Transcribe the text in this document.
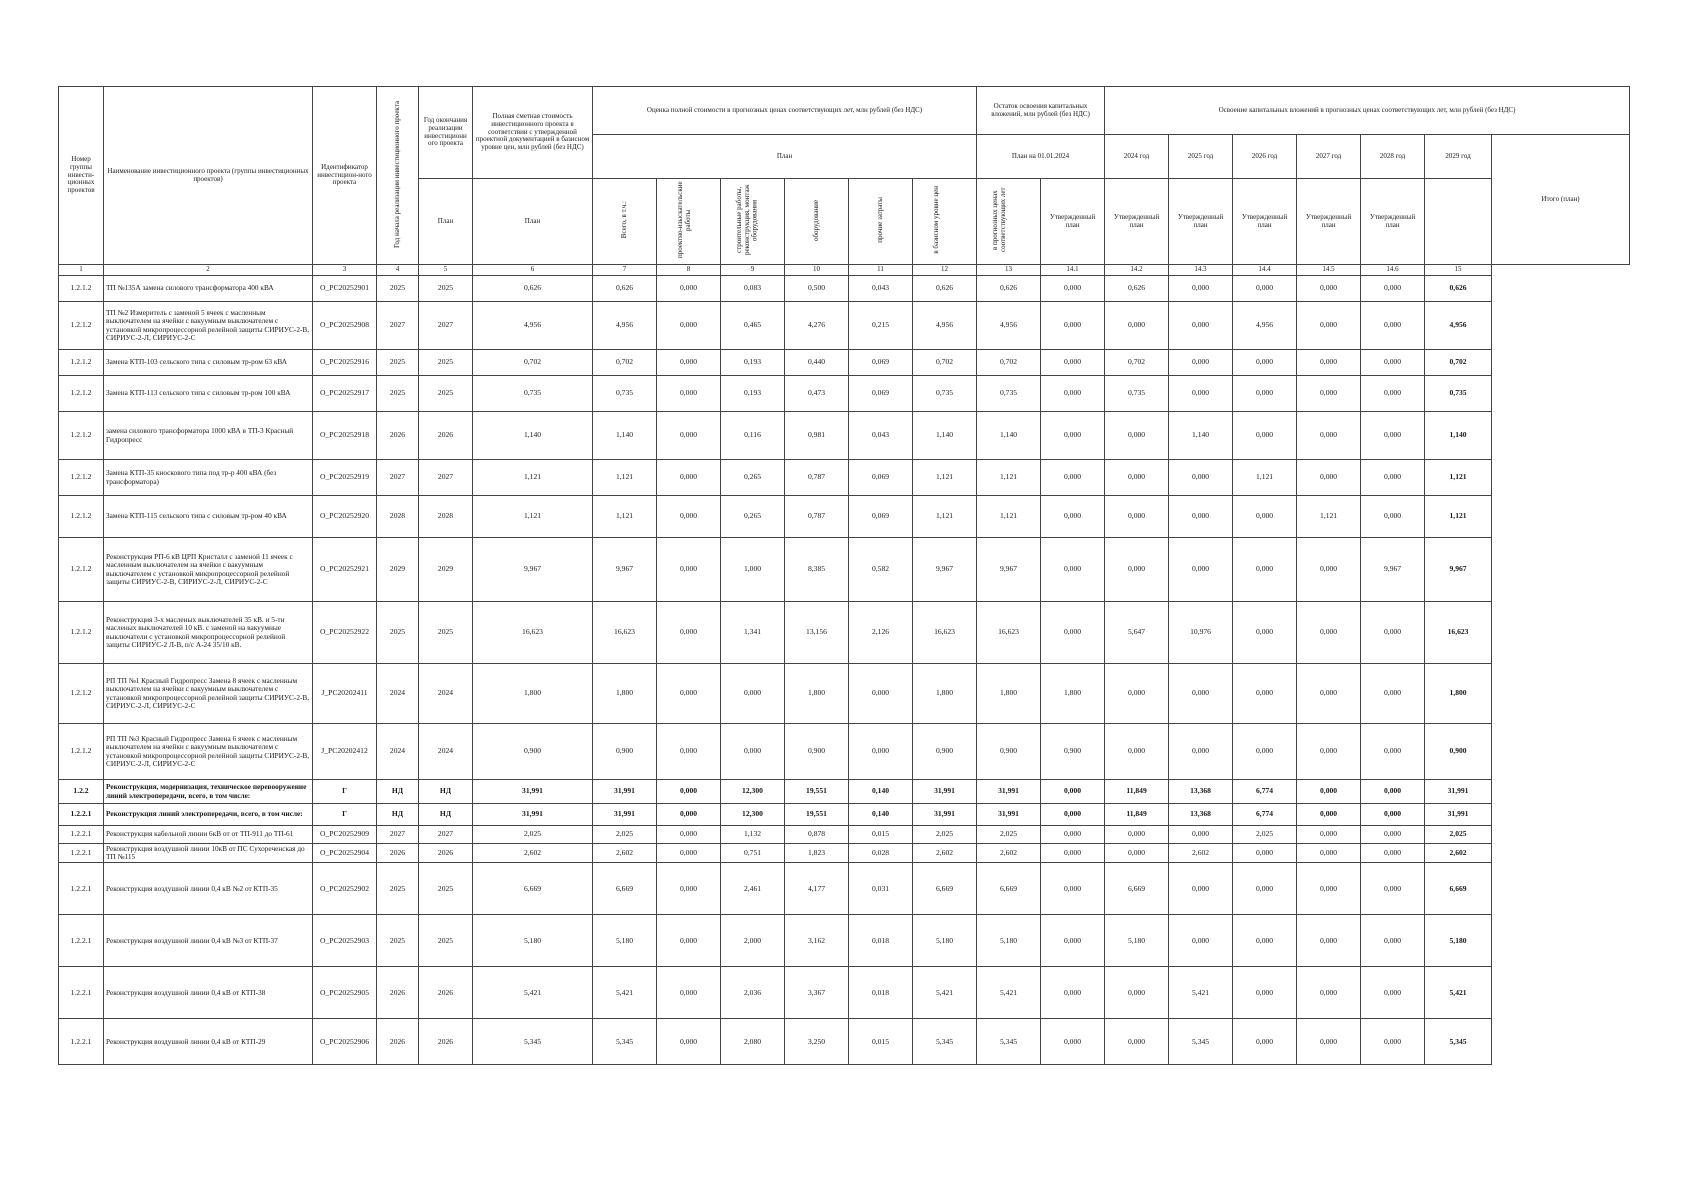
Номер группы инвести-ционных проектов	Наименование инвестиционного проекта (группы инвестиционных проектов)	Идентификатор инвестицион-ного проекта	Год начала реализации инвестиционного проекта	Год окончания реализации инвестиционн ого проекта	Полная сметная стоимость инвестиционного проекта в соответствии с утвержденной проектной документацией в базисном уровне цен, млн рублей (без НДС)	Оценка полной стоимости в прогнозных ценах соответствующих лет, млн рублей (без НДС)						Остаток освоения капитальных вложений, млн рублей (без НДС)		Освоение капитальных вложений в прогнозных ценах соответствующих лет, млн рублей (без НДС)						
						План						План на 01.01.2024		2024 год	2025 год	2026 год	2027 год	2028 год	2029 год	Итого (план)
				План	План	Всего, в т.ч.:	проектно-изыскательские работы	строительные работы, реконструкция, монтаж оборудования	оборудование	прочие затраты	в базисном уровне цен	в прогнозных ценах соответствующих лет	Утвержденный план	Утвержденный план	Утвержденный план	Утвержденный план	Утвержденный план	Утвержденный план		
1	2	3	4	5	6	7	8	9	10	11	12	13	14.1	14.2	14.3	14.4	14.5	14.6	15	
1.2.1.2	ТП №135А замена силового трансформатора 400 кВА	О_РС20252901	2025	2025	0,626	0,626	0,000	0,083	0,500	0,043	0,626	0,626	0,000	0,626	0,000	0,000	0,000	0,000	0,626	
1.2.1.2	ТП №2 Измеритель с заменой 5 ячеек с масленным выключателем на ячейки с вакуумным выключателем с установкой микропроцессорной релейной защиты СИРИУС-2-В, СИРИУС-2-Л, СИРИУС-2-С	О_РС20252908	2027	2027	4,956	4,956	0,000	0,465	4,276	0,215	4,956	4,956	0,000	0,000	0,000	4,956	0,000	0,000	4,956	
1.2.1.2	Замена КТП-103 сельского типа с силовым тр-ром 63 кВА	О_РС20252916	2025	2025	0,702	0,702	0,000	0,193	0,440	0,069	0,702	0,702	0,000	0,702	0,000	0,000	0,000	0,000	0,702	
1.2.1.2	Замена КТП-113 сельского типа с силовым тр-ром 100 кВА	О_РС20252917	2025	2025	0,735	0,735	0,000	0,193	0,473	0,069	0,735	0,735	0,000	0,735	0,000	0,000	0,000	0,000	0,735	
1.2.1.2	замена силового трансформатора 1000 кВА в ТП-3 Красный Гидропресс	О_РС20252918	2026	2026	1,140	1,140	0,000	0,116	0,981	0,043	1,140	1,140	0,000	0,000	1,140	0,000	0,000	0,000	1,140	
1.2.1.2	Замена КТП-35 киоскового типа под тр-р 400 кВА (без трансформатора)	О_РС20252919	2027	2027	1,121	1,121	0,000	0,265	0,787	0,069	1,121	1,121	0,000	0,000	0,000	1,121	0,000	0,000	1,121	
1.2.1.2	Замена КТП-115 сельского типа с силовым тр-ром 40 кВА	О_РС20252920	2028	2028	1,121	1,121	0,000	0,265	0,787	0,069	1,121	1,121	0,000	0,000	0,000	0,000	1,121	0,000	1,121	
1.2.1.2	Реконструкция РП-6 кВ ЦРП Кристалл с заменой 11 ячеек с масленным выключателем на ячейки с вакуумным выключателем с установкой микропроцессорной релейной защиты СИРИУС-2-В, СИРИУС-2-Л, СИРИУС-2-С	О_РС20252921	2029	2029	9,967	9,967	0,000	1,000	8,385	0,582	9,967	9,967	0,000	0,000	0,000	0,000	0,000	9,967	9,967	
1.2.1.2	Реконструкция 3-х масленых выключателей 35 кВ. и 5-ти масленых выключателей 10 кВ. с заменой на вакуумные выключатели с установкой микропроцессорной релейной защиты СИРИУС-2 Л-В, п/с А-24 35/10 кВ.	О_РС20252922	2025	2025	16,623	16,623	0,000	1,341	13,156	2,126	16,623	16,623	0,000	5,647	10,976	0,000	0,000	0,000	16,623	
1.2.1.2	РП ТП №1 Красный Гидропресс Замена 8 ячеек с масленным выключателем на ячейки с вакуумным выключателем с установкой микропроцессорной релейной защиты СИРИУС-2-В, СИРИУС-2-Л, СИРИУС-2-С	J_РС20202411	2024	2024	1,800	1,800	0,000	0,000	1,800	0,000	1,800	1,800	1,800	0,000	0,000	0,000	0,000	0,000	1,800	
1.2.1.2	РП ТП №3 Красный Гидропресс Замена 6 ячеек с масленным выключателем на ячейки с вакуумным выключателем с установкой микропроцессорной релейной защиты СИРИУС-2-В, СИРИУС-2-Л, СИРИУС-2-С	J_РС20202412	2024	2024	0,900	0,900	0,000	0,000	0,900	0,000	0,900	0,900	0,900	0,000	0,000	0,000	0,000	0,000	0,900	
1.2.2	Реконструкция, модернизация, техническое перевооружение линий электропередачи, всего, в том числе:	Г	НД	НД	31,991	31,991	0,000	12,300	19,551	0,140	31,991	31,991	0,000	11,849	13,368	6,774	0,000	0,000	31,991	
1.2.2.1	Реконструкция линий электропередачи, всего, в том числе:	Г	НД	НД	31,991	31,991	0,000	12,300	19,551	0,140	31,991	31,991	0,000	11,849	13,368	6,774	0,000	0,000	31,991	
1.2.2.1	Реконструкция кабельной линии 6кВ от от ТП-911 до ТП-61	О_РС20252909	2027	2027	2,025	2,025	0,000	1,132	0,878	0,015	2,025	2,025	0,000	0,000	0,000	2,025	0,000	0,000	2,025	
1.2.2.1	Реконструкция воздушной линии 10кВ от ПС Сухореченская до ТП №115	О_РС20252904	2026	2026	2,602	2,602	0,000	0,751	1,823	0,028	2,602	2,602	0,000	0,000	2,602	0,000	0,000	0,000	2,602	
1.2.2.1	Реконструкция воздушной линии 0,4 кВ №2 от КТП-35	О_РС20252902	2025	2025	6,669	6,669	0,000	2,461	4,177	0,031	6,669	6,669	0,000	6,669	0,000	0,000	0,000	0,000	6,669	
1.2.2.1	Реконструкция воздушной линии 0,4 кВ №3 от КТП-37	О_РС20252903	2025	2025	5,180	5,180	0,000	2,000	3,162	0,018	5,180	5,180	0,000	5,180	0,000	0,000	0,000	0,000	5,180	
1.2.2.1	Реконструкция воздушной линии 0,4 кВ от КТП-38	О_РС20252905	2026	2026	5,421	5,421	0,000	2,036	3,367	0,018	5,421	5,421	0,000	0,000	5,421	0,000	0,000	0,000	5,421	
1.2.2.1	Реконструкция воздушной линии 0,4 кВ от КТП-29	О_РС20252906	2026	2026	5,345	5,345	0,000	2,080	3,250	0,015	5,345	5,345	0,000	0,000	5,345	0,000	0,000	0,000	5,345	
